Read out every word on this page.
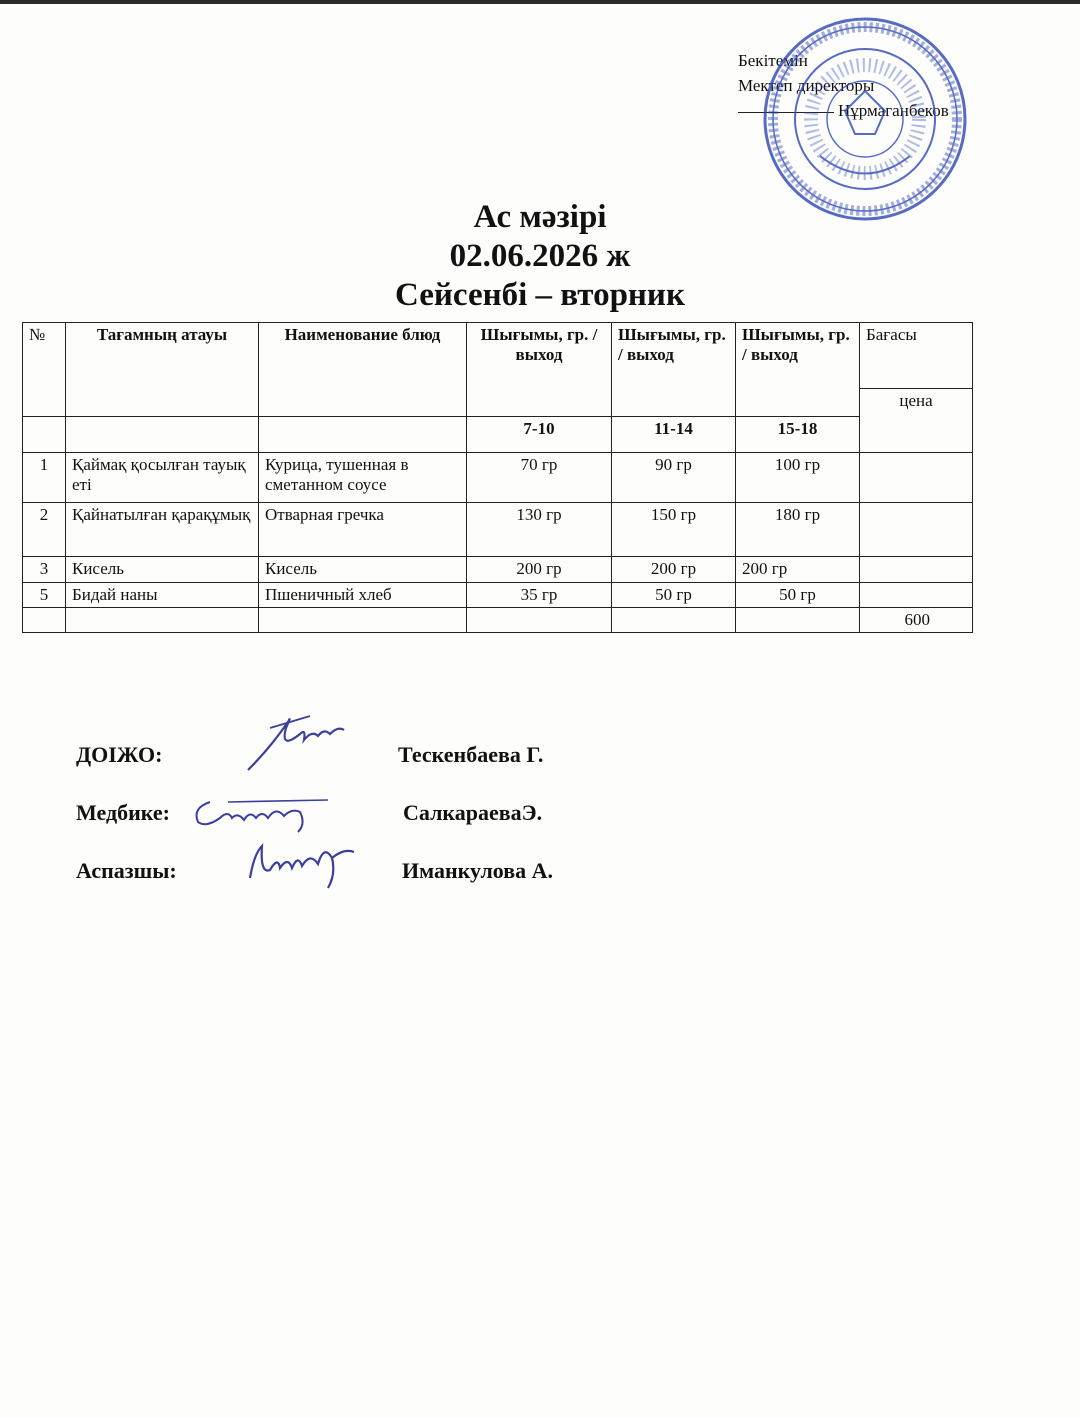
Бекітемін
Мектеп директоры
Нұрмаганбеков
Ас мәзірі
02.06.2026 ж
Сейсенбі – вторник
№	Тағамның атауы	Наименование блюд	Шығымы, гр. / выход	Шығымы, гр. / выход	Шығымы, гр. / выход	Бағасы
						цена
			7-10	11-14	15-18	
1	Қаймақ қосылған тауық еті	Курица, тушенная в сметанном соусе	70 гр	90 гр	100 гр	
2	Қайнатылған қарақұмық	Отварная гречка	130 гр	150 гр	180 гр	
3	Кисель	Кисель	200 гр	200 гр	200 гр	
5	Бидай наны	Пшеничный хлеб	35 гр	50 гр	50 гр	
						600
ДОІЖО:	Тескенбаева Г.
Медбике:	СалкараеваЭ.
Аспазшы:	Иманкулова А.
